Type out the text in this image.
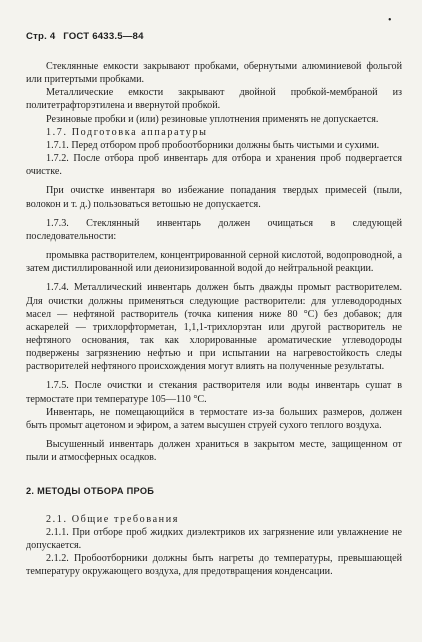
•
Стр. 4 ГОСТ 6433.5—84

Стеклянные емкости закрывают пробками, обернутыми алюминиевой фольгой или притертыми пробками.

Металлические емкости закрывают двойной пробкой-мембраной из политетрафторэтилена и ввернутой пробкой.

Резиновые пробки и (или) резиновые уплотнения применять не допускается.

1.7. Подготовка аппаратуры

1.7.1. Перед отбором проб пробоотборники должны быть чистыми и сухими.

1.7.2. После отбора проб инвентарь для отбора и хранения проб подвергается очистке.

При очистке инвентаря во избежание попадания твердых примесей (пыли, волокон и т. д.) пользоваться ветошью не допускается.

1.7.3. Стеклянный инвентарь должен очищаться в следующей последовательности:

промывка растворителем, концентрированной серной кислотой, водопроводной, а затем дистиллированной или деионизированной водой до нейтральной реакции.

1.7.4. Металлический инвентарь должен быть дважды промыт растворителем. Для очистки должны применяться следующие растворители: для углеводородных масел — нефтяной растворитель (точка кипения ниже 80 °С) без добавок; для аскарелей — трихлорфторметан, 1,1,1-трихлорэтан или другой растворитель не нефтяного основания, так как хлорированные ароматические углеводороды подвержены загрязнению нефтью и при испытании на нагревостойкость следы растворителей нефтяного происхождения могут влиять на полученные результаты.

1.7.5. После очистки и стекания растворителя или воды инвентарь сушат в термостате при температуре 105—110 °С.

Инвентарь, не помещающийся в термостате из-за больших размеров, должен быть промыт ацетоном и эфиром, а затем высушен струей сухого теплого воздуха.

Высушенный инвентарь должен храниться в закрытом месте, защищенном от пыли и атмосферных осадков.

2. МЕТОДЫ ОТБОРА ПРОБ

2.1. Общие требования

2.1.1. При отборе проб жидких диэлектриков их загрязнение или увлажнение не допускается.

2.1.2. Пробоотборники должны быть нагреты до температуры, превышающей температуру окружающего воздуха, для предотвращения конденсации.
